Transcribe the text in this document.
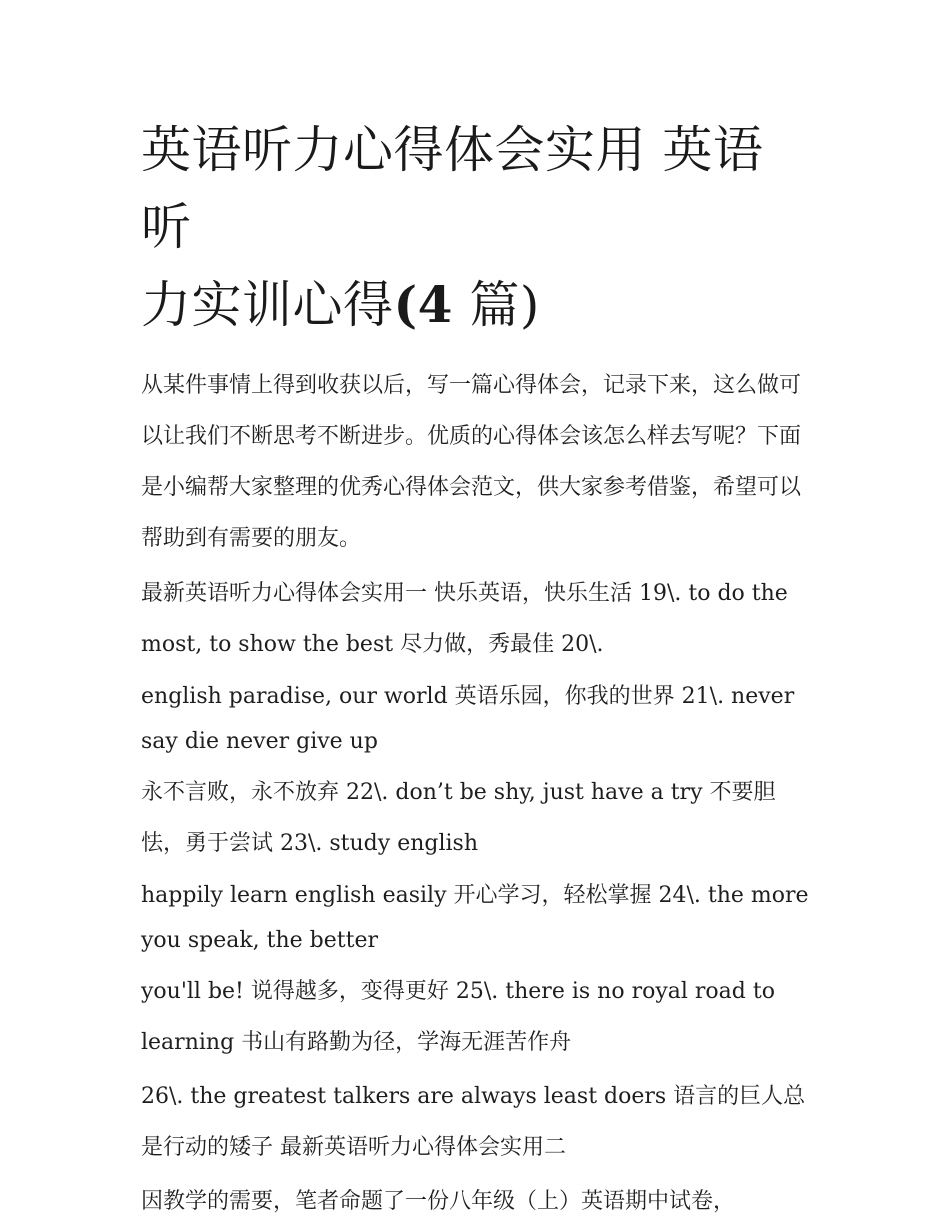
英语听力心得体会实用 英语听
力实训心得(4 篇)

从某件事情上得到收获以后，写一篇心得体会，记录下来，这么做可以让我们不断思考不断进步。优质的心得体会该怎么样去写呢？下面是小编帮大家整理的优秀心得体会范文，供大家参考借鉴，希望可以帮助到有需要的朋友。

最新英语听力心得体会实用一 快乐英语，快乐生活 19\. to do the most, to show the best 尽力做，秀最佳 20\.

english paradise, our world 英语乐园，你我的世界 21\. never say die never give up

永不言败，永不放弃 22\. don’t be shy, just have a try 不要胆怯，勇于尝试 23\. study english

happily learn english easily 开心学习，轻松掌握 24\. the more you speak, the better

you'll be! 说得越多，变得更好 25\. there is no royal road to learning 书山有路勤为径，学海无涯苦作舟

26\. the greatest talkers are always least doers 语言的巨人总是行动的矮子 最新英语听力心得体会实用二

因教学的需要，笔者命题了一份八年级（上）英语期中试卷，
